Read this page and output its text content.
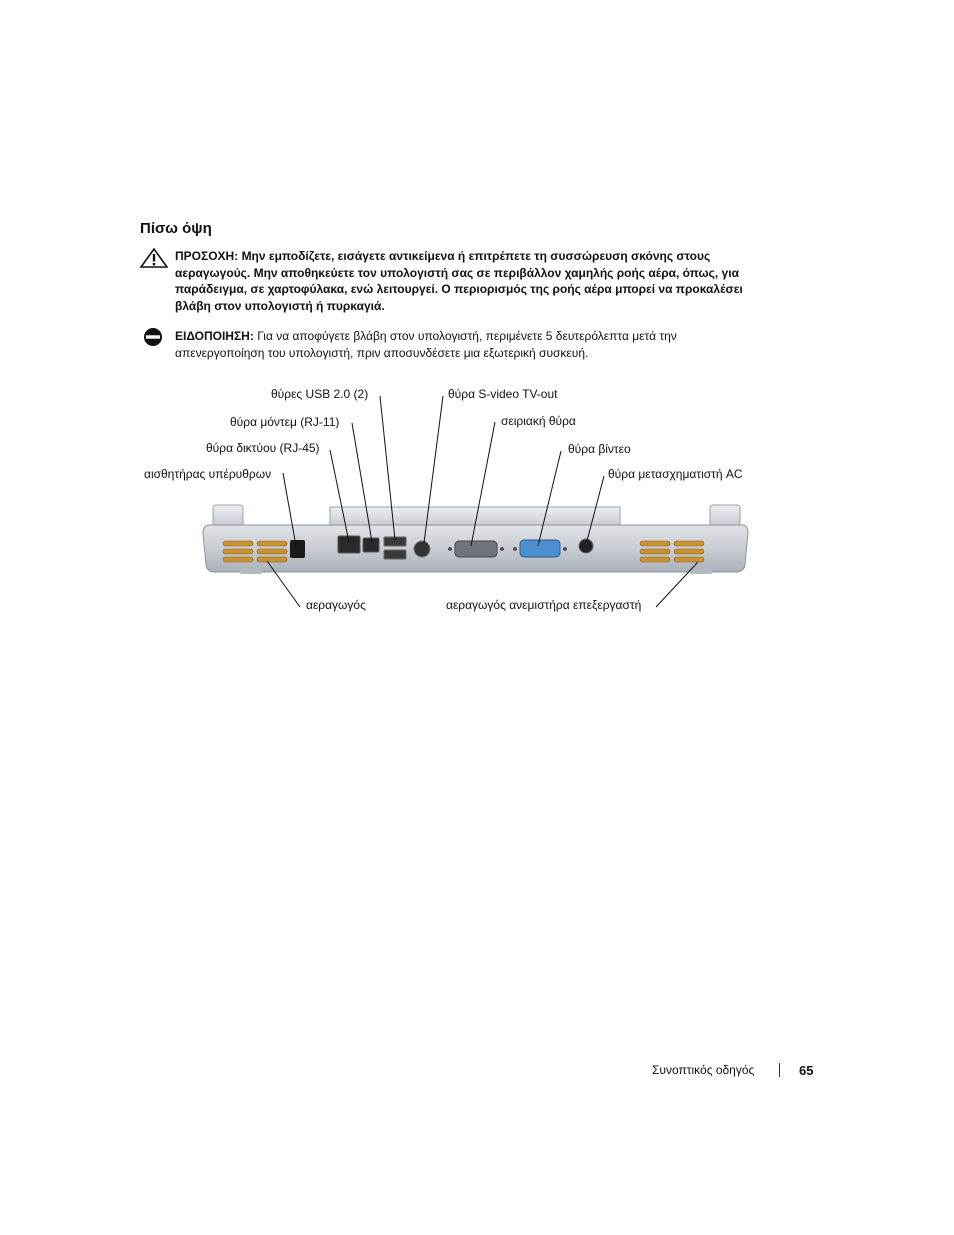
Πίσω όψη

ΠΡΟΣΟΧΗ: Μην εμποδίζετε, εισάγετε αντικείμενα ή επιτρέπετε τη συσσώρευση σκόνης στους αεραγωγούς. Μην αποθηκεύετε τον υπολογιστή σας σε περιβάλλον χαμηλής ροής αέρα, όπως, για παράδειγμα, σε χαρτοφύλακα, ενώ λειτουργεί. Ο περιορισμός της ροής αέρα μπορεί να προκαλέσει βλάβη στον υπολογιστή ή πυρκαγιά.

ΕΙΔΟΠΟΙΗΣΗ: Για να αποφύγετε βλάβη στον υπολογιστή, περιμένετε 5 δευτερόλεπτα μετά την απενεργοποίηση του υπολογιστή, πριν αποσυνδέσετε μια εξωτερική συσκευή.

θύρες USB 2.0 (2)
θύρα μόντεμ (RJ-11)
θύρα δικτύου (RJ-45)
αισθητήρας υπέρυθρων
θύρα S-video TV-out
σειριακή θύρα
θύρα βίντεο
θύρα μετασχηματιστή AC
αεραγωγός	αεραγωγός ανεμιστήρα επεξεργαστή
Συνοπτικός οδηγός	65
